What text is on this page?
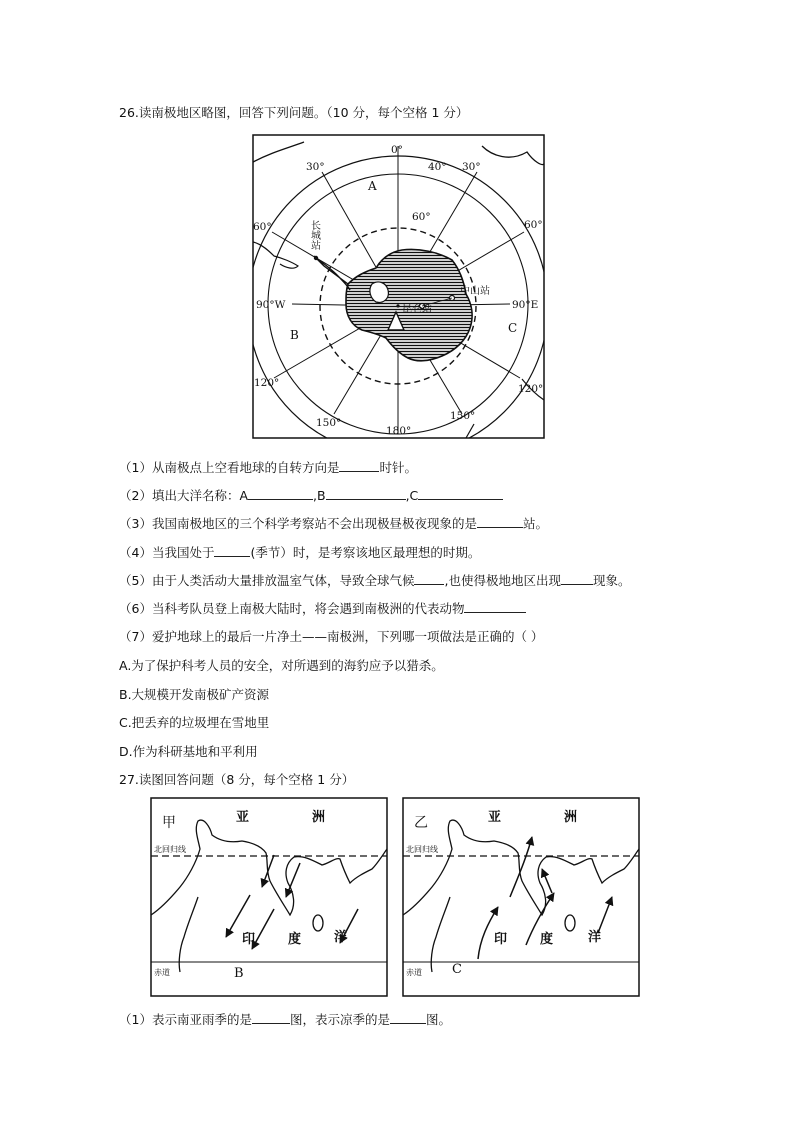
26.读南极地区略图，回答下列问题。（10 分，每个空格 1 分）
0°
30°	40° 30°
60°
60°	60°
90°W	90°E
120°	120°
150°
150°
180°
A
B	C
中山站
昆仑站
长城站
（1）从南极点上空看地球的自转方向是	时针。
（2）填出大洋名称：A	,B	,C
（3）我国南极地区的三个科学考察站不会出现极昼极夜现象的是	站。
（4）当我国处于	(季节）时，是考察该地区最理想的时期。
（5）由于人类活动大量排放温室气体，导致全球气候 ,也使得极地地区出现	现象。
（6）当科考队员登上南极大陆时，将会遇到南极洲的代表动物
（7）爱护地球上的最后一片净土——南极洲，下列哪一项做法是正确的（ ）
A.为了保护科考人员的安全，对所遇到的海豹应予以猎杀。
B.大规模开发南极矿产资源
C.把丢弃的垃圾埋在雪地里
D.作为科研基地和平利用
27.读图回答问题（8 分，每个空格 1 分）
甲	亚	洲
印	度	洋
北回归线
赤道	B
乙	亚	洲
印	度	洋
北回归线
赤道 C
（1）表示南亚雨季的是	图，表示凉季的是	图。
